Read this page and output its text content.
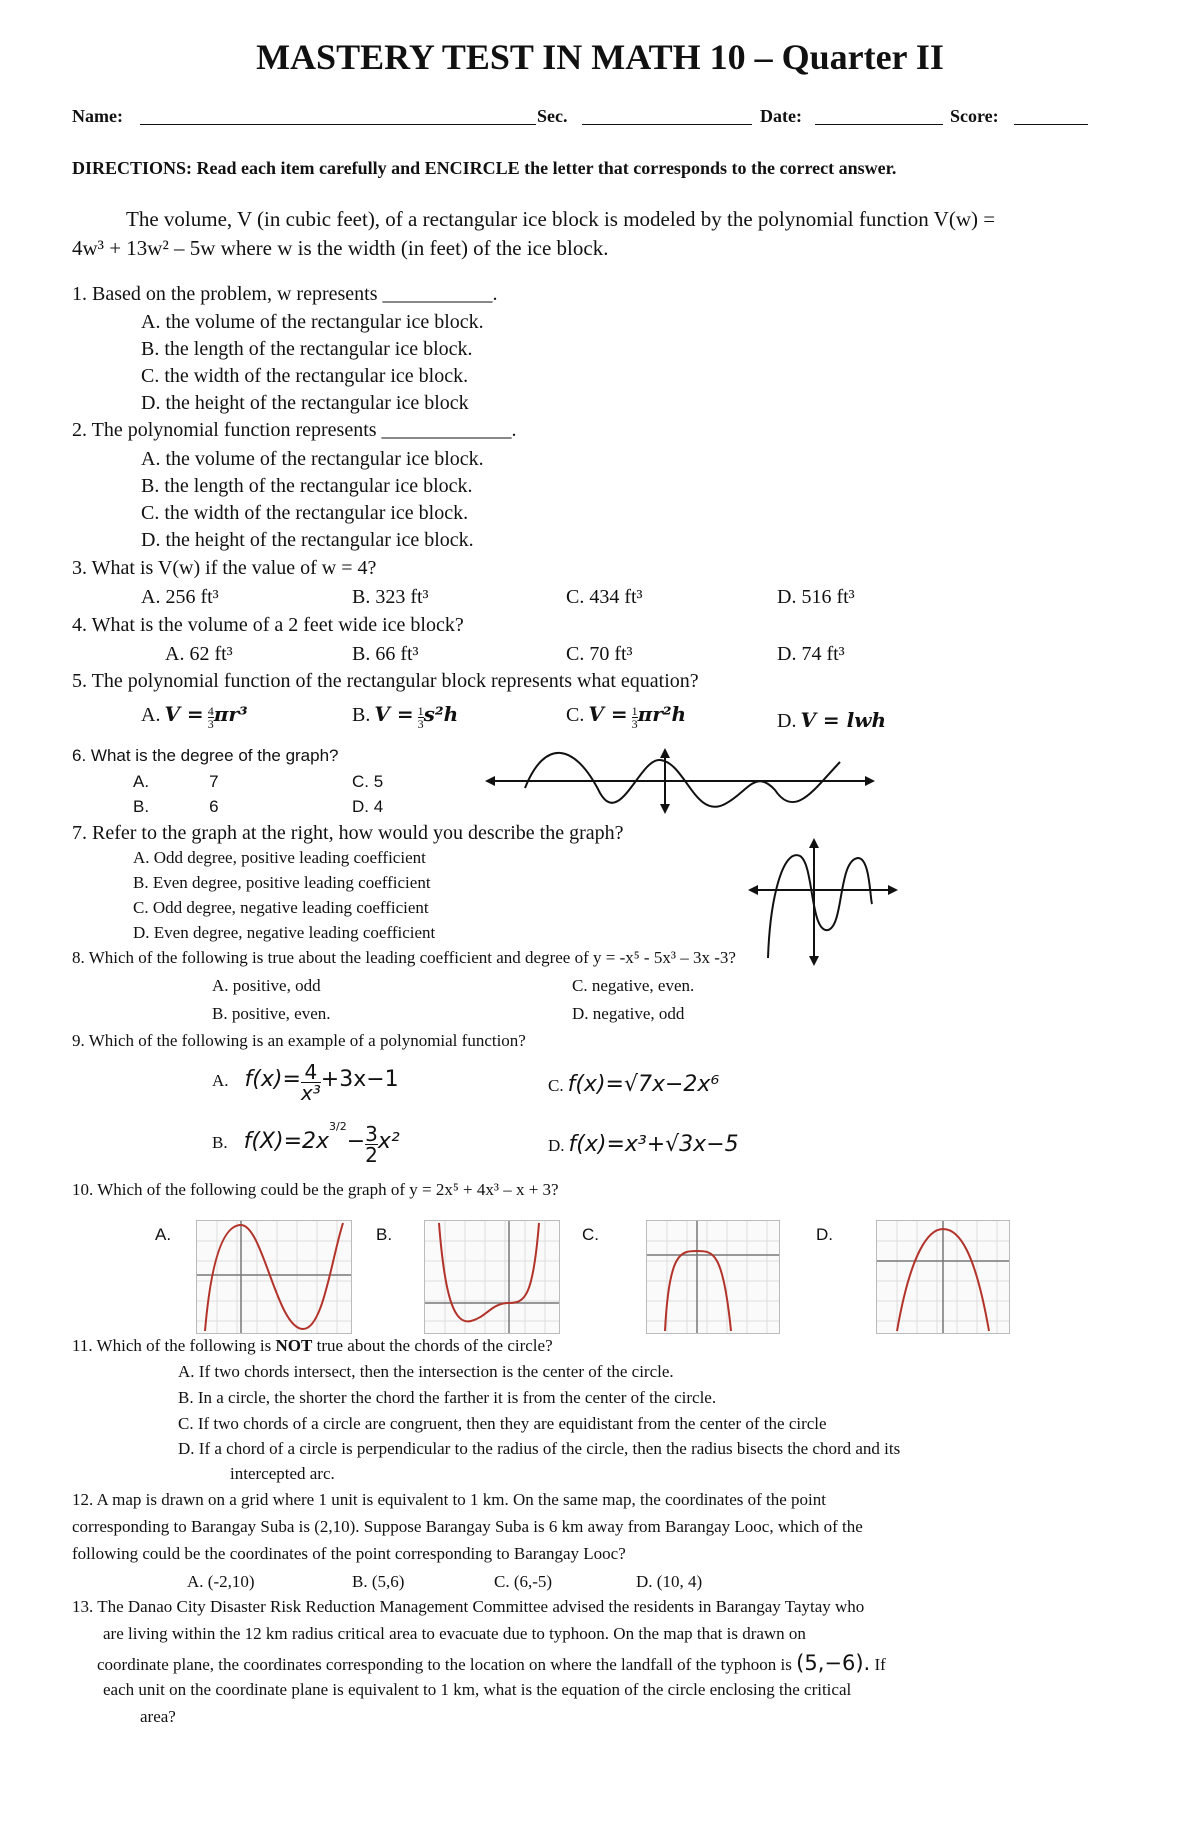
MASTERY TEST IN MATH 10 – Quarter II
Name:	Sec.	Date:	Score:
DIRECTIONS: Read each item carefully and ENCIRCLE the letter that corresponds to the correct answer.
The volume, V (in cubic feet), of a rectangular ice block is modeled by the polynomial function V(w) =
4w³ + 13w² – 5w where w is the width (in feet) of the ice block.
1. Based on the problem, w represents ___________.
A. the volume of the rectangular ice block.
B. the length of the rectangular ice block.
C. the width of the rectangular ice block.
D. the height of the rectangular ice block
2. The polynomial function represents _____________.
A. the volume of the rectangular ice block.
B. the length of the rectangular ice block.
C. the width of the rectangular ice block.
D. the height of the rectangular ice block.
3. What is V(w) if the value of w = 4?
A. 256 ft³	B. 323 ft³	C. 434 ft³	D. 516 ft³
4. What is the volume of a 2 feet wide ice block?
A. 62 ft³	B. 66 ft³	C. 70 ft³	D. 74 ft³
5. The polynomial function of the rectangular block represents what equation?
A. $V = \frac{4}{3} \pi r^3$	B. $V = \frac{1}{3} s^2h$	C. $V = \frac{1}{3} \pi r^2h$	D. V = lwh
6. What is the degree of the graph?
A.	7	C. 5
B.	6	D. 4
7. Refer to the graph at the right, how would you describe the graph?
A. Odd degree, positive leading coefficient
B. Even degree, positive leading coefficient
C. Odd degree, negative leading coefficient
D. Even degree, negative leading coefficient
8. Which of the following is true about the leading coefficient and degree of y = -x⁵ - 5x³ – 3x -3?
A. positive, odd	C. negative, even.
B. positive, even.	D. negative, odd
9. Which of the following is an example of a polynomial function?
A. $f(x)= \frac{4}{\text{x³}} +3x-1$	C. f(x)=√7x−2x⁶
B. $f(X)=2x^{3/2}- \frac{3}{2} x^2$	D. f(x)=x³+√3x−5
10. Which of the following could be the graph of y = 2x⁵ + 4x³ – x + 3?
A.	B.	C.	D.
11. Which of the following is NOT true about the chords of the circle?
A. If two chords intersect, then the intersection is the center of the circle.
B. In a circle, the shorter the chord the farther it is from the center of the circle.
C. If two chords of a circle are congruent, then they are equidistant from the center of the circle
D. If a chord of a circle is perpendicular to the radius of the circle, then the radius bisects the chord and its
intercepted arc.
12. A map is drawn on a grid where 1 unit is equivalent to 1 km. On the same map, the coordinates of the point
corresponding to Barangay Suba is (2,10). Suppose Barangay Suba is 6 km away from Barangay Looc, which of the
following could be the coordinates of the point corresponding to Barangay Looc?
A. (-2,10)	B. (5,6)	C. (6,-5)	D. (10, 4)
13. The Danao City Disaster Risk Reduction Management Committee advised the residents in Barangay Taytay who
are living within the 12 km radius critical area to evacuate due to typhoon. On the map that is drawn on
coordinate plane, the coordinates corresponding to the location on where the landfall of the typhoon is (5,−6). If
each unit on the coordinate plane is equivalent to 1 km, what is the equation of the circle enclosing the critical
area?
